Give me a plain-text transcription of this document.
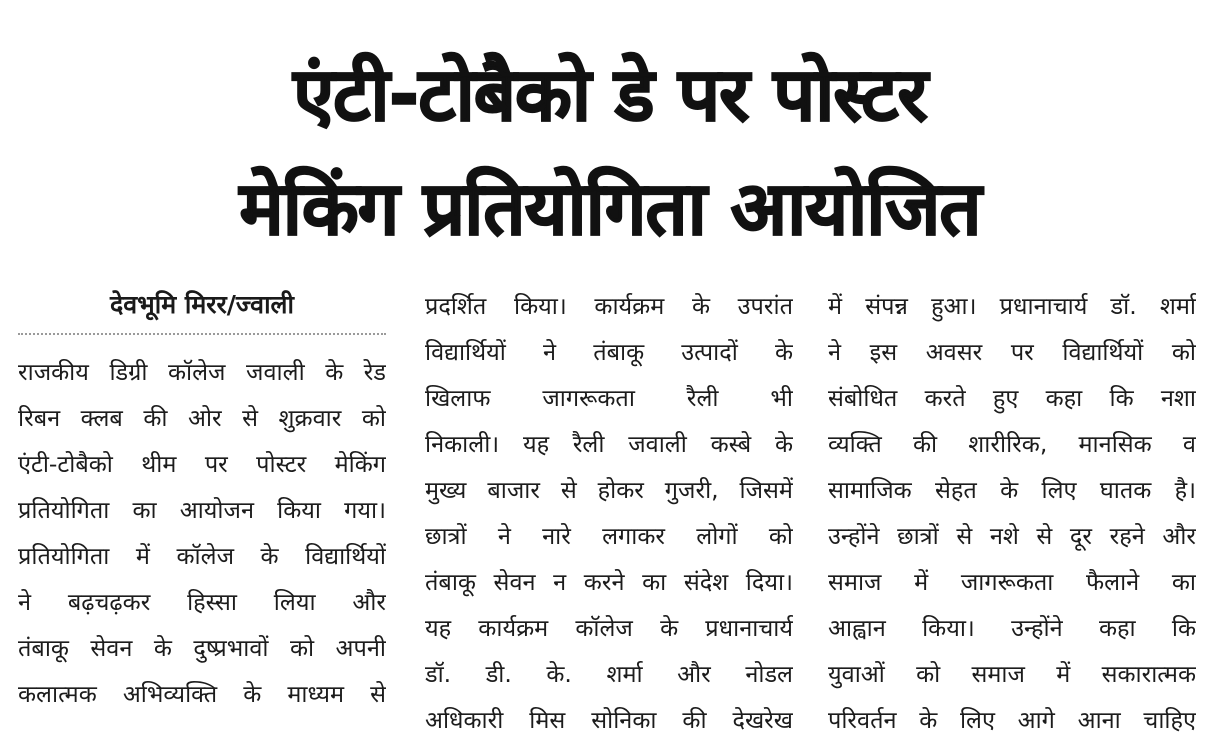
एंटी-टोबैको डे पर पोस्टर
मेकिंग प्रतियोगिता आयोजित
देवभूमि मिरर/ज्वाली
राजकीय डिग्री कॉलेज जवाली के रेड
रिबन क्लब की ओर से शुक्रवार को
एंटी-टोबैको थीम पर पोस्टर मेकिंग
प्रतियोगिता का आयोजन किया गया।
प्रतियोगिता में कॉलेज के विद्यार्थियों
ने बढ़चढ़कर हिस्सा लिया और
तंबाकू सेवन के दुष्प्रभावों को अपनी
कलात्मक अभिव्यक्ति के माध्यम से
प्रदर्शित किया। कार्यक्रम के उपरांत
विद्यार्थियों ने तंबाकू उत्पादों के
खिलाफ जागरूकता रैली भी
निकाली। यह रैली जवाली कस्बे के
मुख्य बाजार से होकर गुजरी, जिसमें
छात्रों ने नारे लगाकर लोगों को
तंबाकू सेवन न करने का संदेश दिया।
यह कार्यक्रम कॉलेज के प्रधानाचार्य
डॉ. डी. के. शर्मा और नोडल
अधिकारी मिस सोनिका की देखरेख
में संपन्न हुआ। प्रधानाचार्य डॉ. शर्मा
ने इस अवसर पर विद्यार्थियों को
संबोधित करते हुए कहा कि नशा
व्यक्ति की शारीरिक, मानसिक व
सामाजिक सेहत के लिए घातक है।
उन्होंने छात्रों से नशे से दूर रहने और
समाज में जागरूकता फैलाने का
आह्वान किया। उन्होंने कहा कि
युवाओं को समाज में सकारात्मक
परिवर्तन के लिए आगे आना चाहिए
